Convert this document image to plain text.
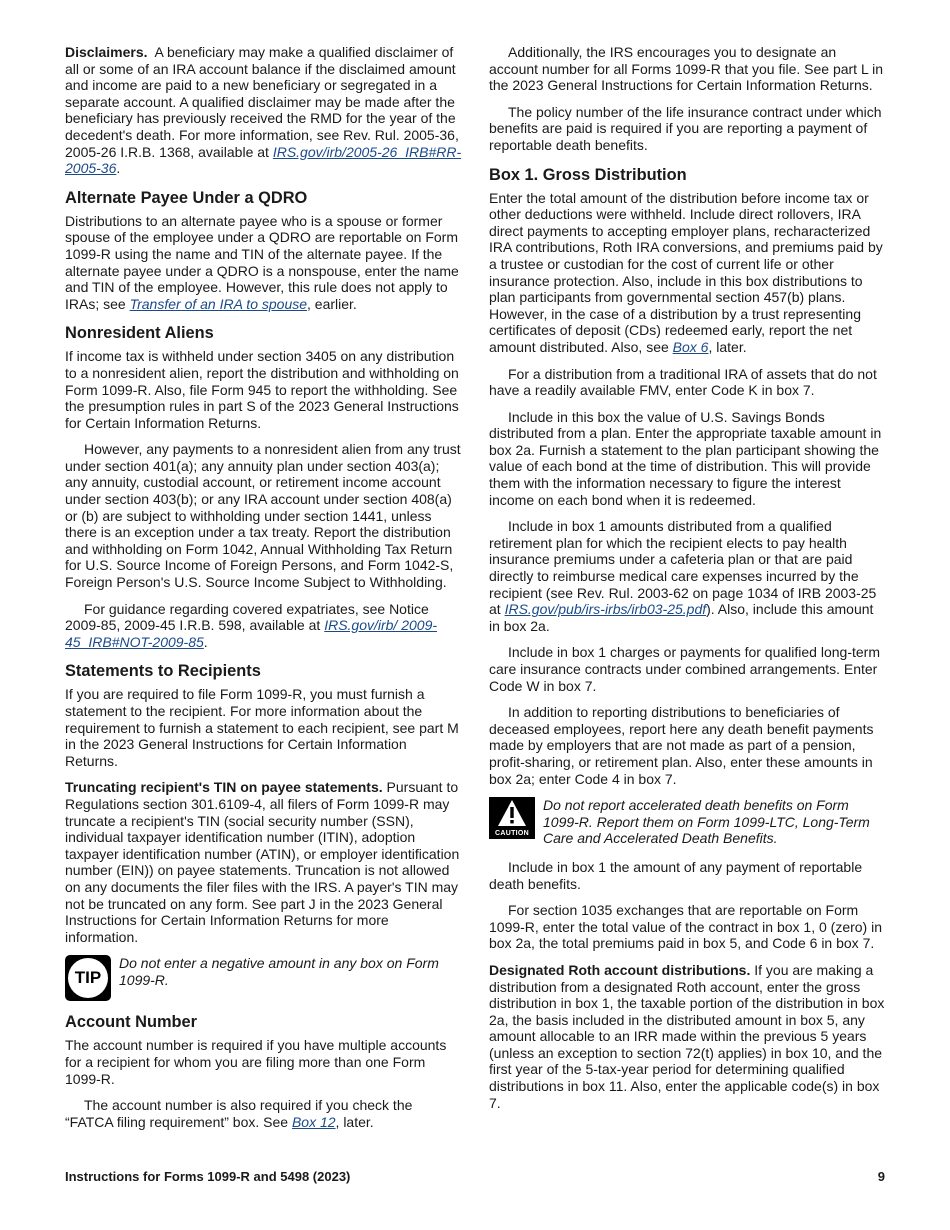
Disclaimers. A beneficiary may make a qualified disclaimer of all or some of an IRA account balance if the disclaimed amount and income are paid to a new beneficiary or segregated in a separate account. A qualified disclaimer may be made after the beneficiary has previously received the RMD for the year of the decedent's death. For more information, see Rev. Rul. 2005-36, 2005-26 I.R.B. 1368, available at IRS.gov/irb/2005-26_IRB#RR-2005-36.

Alternate Payee Under a QDRO

Distributions to an alternate payee who is a spouse or former spouse of the employee under a QDRO are reportable on Form 1099-R using the name and TIN of the alternate payee. If the alternate payee under a QDRO is a nonspouse, enter the name and TIN of the employee. However, this rule does not apply to IRAs; see Transfer of an IRA to spouse, earlier.

Nonresident Aliens

If income tax is withheld under section 3405 on any distribution to a nonresident alien, report the distribution and withholding on Form 1099-R. Also, file Form 945 to report the withholding. See the presumption rules in part S of the 2023 General Instructions for Certain Information Returns.

However, any payments to a nonresident alien from any trust under section 401(a); any annuity plan under section 403(a); any annuity, custodial account, or retirement income account under section 403(b); or any IRA account under section 408(a) or (b) are subject to withholding under section 1441, unless there is an exception under a tax treaty. Report the distribution and withholding on Form 1042, Annual Withholding Tax Return for U.S. Source Income of Foreign Persons, and Form 1042-S, Foreign Person's U.S. Source Income Subject to Withholding.

For guidance regarding covered expatriates, see Notice 2009-85, 2009-45 I.R.B. 598, available at IRS.gov/irb/ 2009-45_IRB#NOT-2009-85.

Statements to Recipients

If you are required to file Form 1099-R, you must furnish a statement to the recipient. For more information about the requirement to furnish a statement to each recipient, see part M in the 2023 General Instructions for Certain Information Returns.

Truncating recipient's TIN on payee statements. Pursuant to Regulations section 301.6109-4, all filers of Form 1099-R may truncate a recipient's TIN (social security number (SSN), individual taxpayer identification number (ITIN), adoption taxpayer identification number (ATIN), or employer identification number (EIN)) on payee statements. Truncation is not allowed on any documents the filer files with the IRS. A payer's TIN may not be truncated on any form. See part J in the 2023 General Instructions for Certain Information Returns for more information.

TIP
Do not enter a negative amount in any box on Form 1099-R.
Account Number

The account number is required if you have multiple accounts for a recipient for whom you are filing more than one Form 1099-R.

The account number is also required if you check the “FATCA filing requirement” box. See Box 12, later.

Additionally, the IRS encourages you to designate an account number for all Forms 1099-R that you file. See part L in the 2023 General Instructions for Certain Information Returns.

The policy number of the life insurance contract under which benefits are paid is required if you are reporting a payment of reportable death benefits.

Box 1. Gross Distribution

Enter the total amount of the distribution before income tax or other deductions were withheld. Include direct rollovers, IRA direct payments to accepting employer plans, recharacterized IRA contributions, Roth IRA conversions, and premiums paid by a trustee or custodian for the cost of current life or other insurance protection. Also, include in this box distributions to plan participants from governmental section 457(b) plans. However, in the case of a distribution by a trust representing certificates of deposit (CDs) redeemed early, report the net amount distributed. Also, see Box 6, later.

For a distribution from a traditional IRA of assets that do not have a readily available FMV, enter Code K in box 7.

Include in this box the value of U.S. Savings Bonds distributed from a plan. Enter the appropriate taxable amount in box 2a. Furnish a statement to the plan participant showing the value of each bond at the time of distribution. This will provide them with the information necessary to figure the interest income on each bond when it is redeemed.

Include in box 1 amounts distributed from a qualified retirement plan for which the recipient elects to pay health insurance premiums under a cafeteria plan or that are paid directly to reimburse medical care expenses incurred by the recipient (see Rev. Rul. 2003-62 on page 1034 of IRB 2003-25 at IRS.gov/pub/irs-irbs/irb03-25.pdf). Also, include this amount in box 2a.

Include in box 1 charges or payments for qualified long-term care insurance contracts under combined arrangements. Enter Code W in box 7.

In addition to reporting distributions to beneficiaries of deceased employees, report here any death benefit payments made by employers that are not made as part of a pension, profit-sharing, or retirement plan. Also, enter these amounts in box 2a; enter Code 4 in box 7.

CAUTION
Do not report accelerated death benefits on Form 1099-R. Report them on Form 1099-LTC, Long-Term Care and Accelerated Death Benefits.

Include in box 1 the amount of any payment of reportable death benefits.

For section 1035 exchanges that are reportable on Form 1099-R, enter the total value of the contract in box 1, 0 (zero) in box 2a, the total premiums paid in box 5, and Code 6 in box 7.

Designated Roth account distributions. If you are making a distribution from a designated Roth account, enter the gross distribution in box 1, the taxable portion of the distribution in box 2a, the basis included in the distributed amount in box 5, any amount allocable to an IRR made within the previous 5 years (unless an exception to section 72(t) applies) in box 10, and the first year of the 5-tax-year period for determining qualified distributions in box 11. Also, enter the applicable code(s) in box 7.

Instructions for Forms 1099-R and 5498 (2023)	9
